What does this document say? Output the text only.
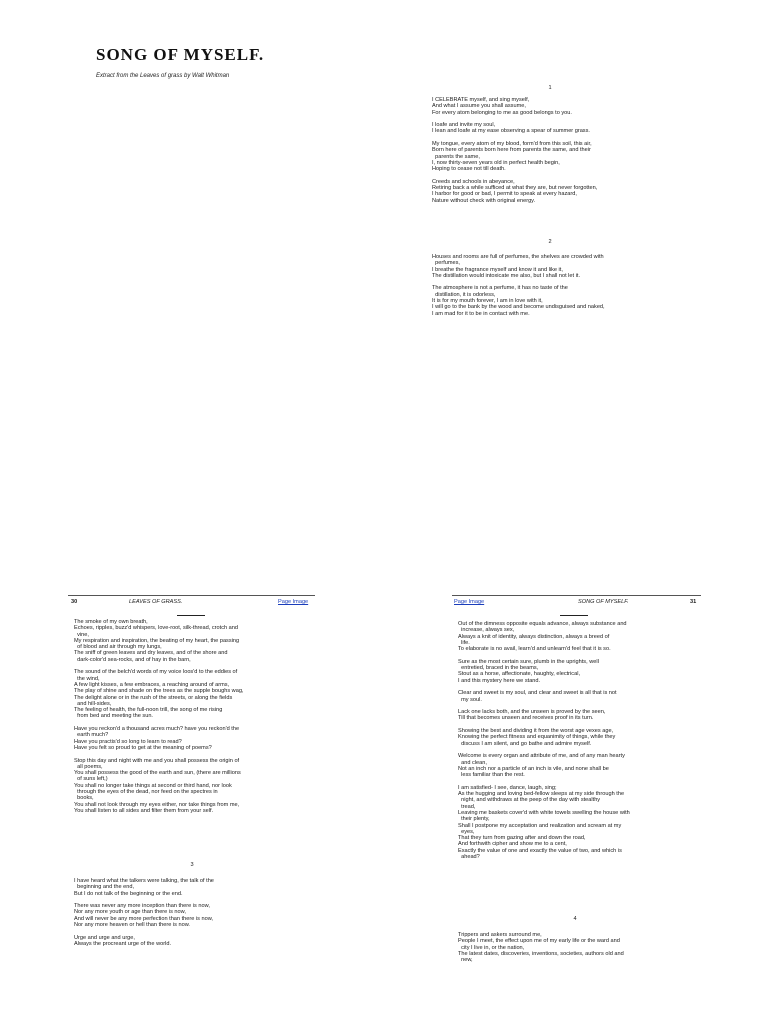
SONG OF MYSELF.
Extract from the Leaves of grass by Walt Whitman
1
I CELEBRATE myself, and sing myself,
And what I assume you shall assume,
For every atom belonging to me as good belongs to you.
I loafe and invite my soul,
I lean and loafe at my ease observing a spear of summer grass.
My tongue, every atom of my blood, form'd from this soil, this air,
Born here of parents born here from parents the same, and their
parents the same,
I, now thirty-seven years old in perfect health begin,
Hoping to cease not till death.
Creeds and schools in abeyance,
Retiring back a while sufficed at what they are, but never forgotten,
I harbor for good or bad, I permit to speak at every hazard,
Nature without check with original energy.
2
Houses and rooms are full of perfumes, the shelves are crowded with
perfumes,
I breathe the fragrance myself and know it and like it,
The distillation would intoxicate me also, but I shall not let it.
The atmosphere is not a perfume, it has no taste of the
distillation, it is odorless,
It is for my mouth forever, I am in love with it,
I will go to the bank by the wood and become undisguised and naked,
I am mad for it to be in contact with me.
30	LEAVES OF GRASS.	Page Image
The smoke of my own breath,
Echoes, ripples, buzz'd whispers, love-root, silk-thread, crotch and
vine,
My respiration and inspiration, the beating of my heart, the passing
of blood and air through my lungs,
The sniff of green leaves and dry leaves, and of the shore and
dark-color'd sea-rocks, and of hay in the barn,
The sound of the belch'd words of my voice loos'd to the eddies of
the wind,
A few light kisses, a few embraces, a reaching around of arms,
The play of shine and shade on the trees as the supple boughs wag,
The delight alone or in the rush of the streets, or along the fields
and hill-sides,
The feeling of health, the full-noon trill, the song of me rising
from bed and meeting the sun.
Have you reckon'd a thousand acres much? have you reckon'd the
earth much?
Have you practis'd so long to learn to read?
Have you felt so proud to get at the meaning of poems?
Stop this day and night with me and you shall possess the origin of
all poems,
You shall possess the good of the earth and sun, (there are millions
of suns left,)
You shall no longer take things at second or third hand, nor look
through the eyes of the dead, nor feed on the spectres in
books,
You shall not look through my eyes either, nor take things from me,
You shall listen to all sides and filter them from your self.
3
I have heard what the talkers were talking, the talk of the
beginning and the end,
But I do not talk of the beginning or the end.
There was never any more inception than there is now,
Nor any more youth or age than there is now,
And will never be any more perfection than there is now,
Nor any more heaven or hell than there is now.
Urge and urge and urge,
Always the procreant urge of the world.
Page Image	SONG OF MYSELF.	31
Out of the dimness opposite equals advance, always substance and
increase, always sex,
Always a knit of identity, always distinction, always a breed of
life.
To elaborate is no avail, learn'd and unlearn'd feel that it is so.
Sure as the most certain sure, plumb in the uprights, well
entretied, braced in the beams,
Stout as a horse, affectionate, haughty, electrical,
I and this mystery here we stand.
Clear and sweet is my soul, and clear and sweet is all that is not
my soul.
Lack one lacks both, and the unseen is proved by the seen,
Till that becomes unseen and receives proof in its turn.
Showing the best and dividing it from the worst age vexes age,
Knowing the perfect fitness and equanimity of things, while they
discuss I am silent, and go bathe and admire myself.
Welcome is every organ and attribute of me, and of any man hearty
and clean,
Not an inch nor a particle of an inch is vile, and none shall be
less familiar than the rest.
I am satisfied- I see, dance, laugh, sing;
As the hugging and loving bed-fellow sleeps at my side through the
night, and withdraws at the peep of the day with stealthy
tread,
Leaving me baskets cover'd with white towels swelling the house with
their plenty,
Shall I postpone my acceptation and realization and scream at my
eyes,
That they turn from gazing after and down the road,
And forthwith cipher and show me to a cent,
Exactly the value of one and exactly the value of two, and which is
ahead?
4
Trippers and askers surround me,
People I meet, the effect upon me of my early life or the ward and
city I live in, or the nation,
The latest dates, discoveries, inventions, societies, authors old and
new,
